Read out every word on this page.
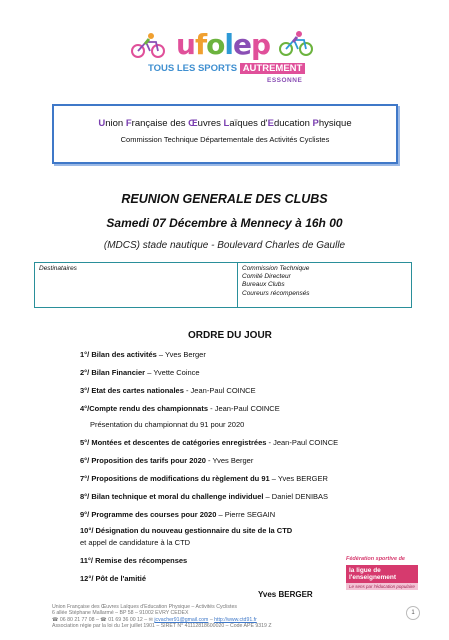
ufolep
TOUS LES SPORTS AUTREMENT
ESSONNE
Union Française des Œuvres Laïques d'Education Physique
Commission Technique Départementale des Activités Cyclistes
REUNION GENERALE DES CLUBS
Samedi 07 Décembre à Mennecy à 16h 00
(MDCS) stade nautique - Boulevard Charles de Gaulle
Destinataires	Commission Technique
Comité Directeur
Bureaux Clubs
Coureurs récompensés
ORDRE DU JOUR
1°/ Bilan des activités – Yves Berger
2°/ Bilan Financier – Yvette Coince
3°/ Etat des cartes nationales - Jean-Paul COINCE
4°/Compte rendu des championnats - Jean-Paul COINCE
Présentation du championnat du 91 pour 2020
5°/ Montées et descentes de catégories enregistrées - Jean-Paul COINCE
6°/ Proposition des tarifs pour 2020 - Yves Berger
7°/ Propositions de modifications du règlement du 91 – Yves BERGER
8°/ Bilan technique et moral du challenge individuel – Daniel DENIBAS
9°/ Programme des courses pour 2020 – Pierre SEGAIN
10°/ Désignation du nouveau gestionnaire du site de la CTD
et appel de candidature à la CTD
11°/ Remise des récompenses
12°/ Pôt de l'amitié
Yves BERGER
Fédération sportive de
la ligue de
l'enseignement
Le sens par l'éducation populaire
Union Française des Œuvres Laïques d'Education Physique – Activités Cyclistes
6 allée Stéphane Mallarmé – BP 58 – 91002 EVRY CEDEX
☎ 06 80 21 77 08 – ☎ 01 69 36 00 12 – ✉ jcvacher91@gmail.com – http://www.ctd91.fr
Association régie par la loi du 1er juillet 1901 – SIRET N° 41112818600020 – Code APE 9319 Z
1
